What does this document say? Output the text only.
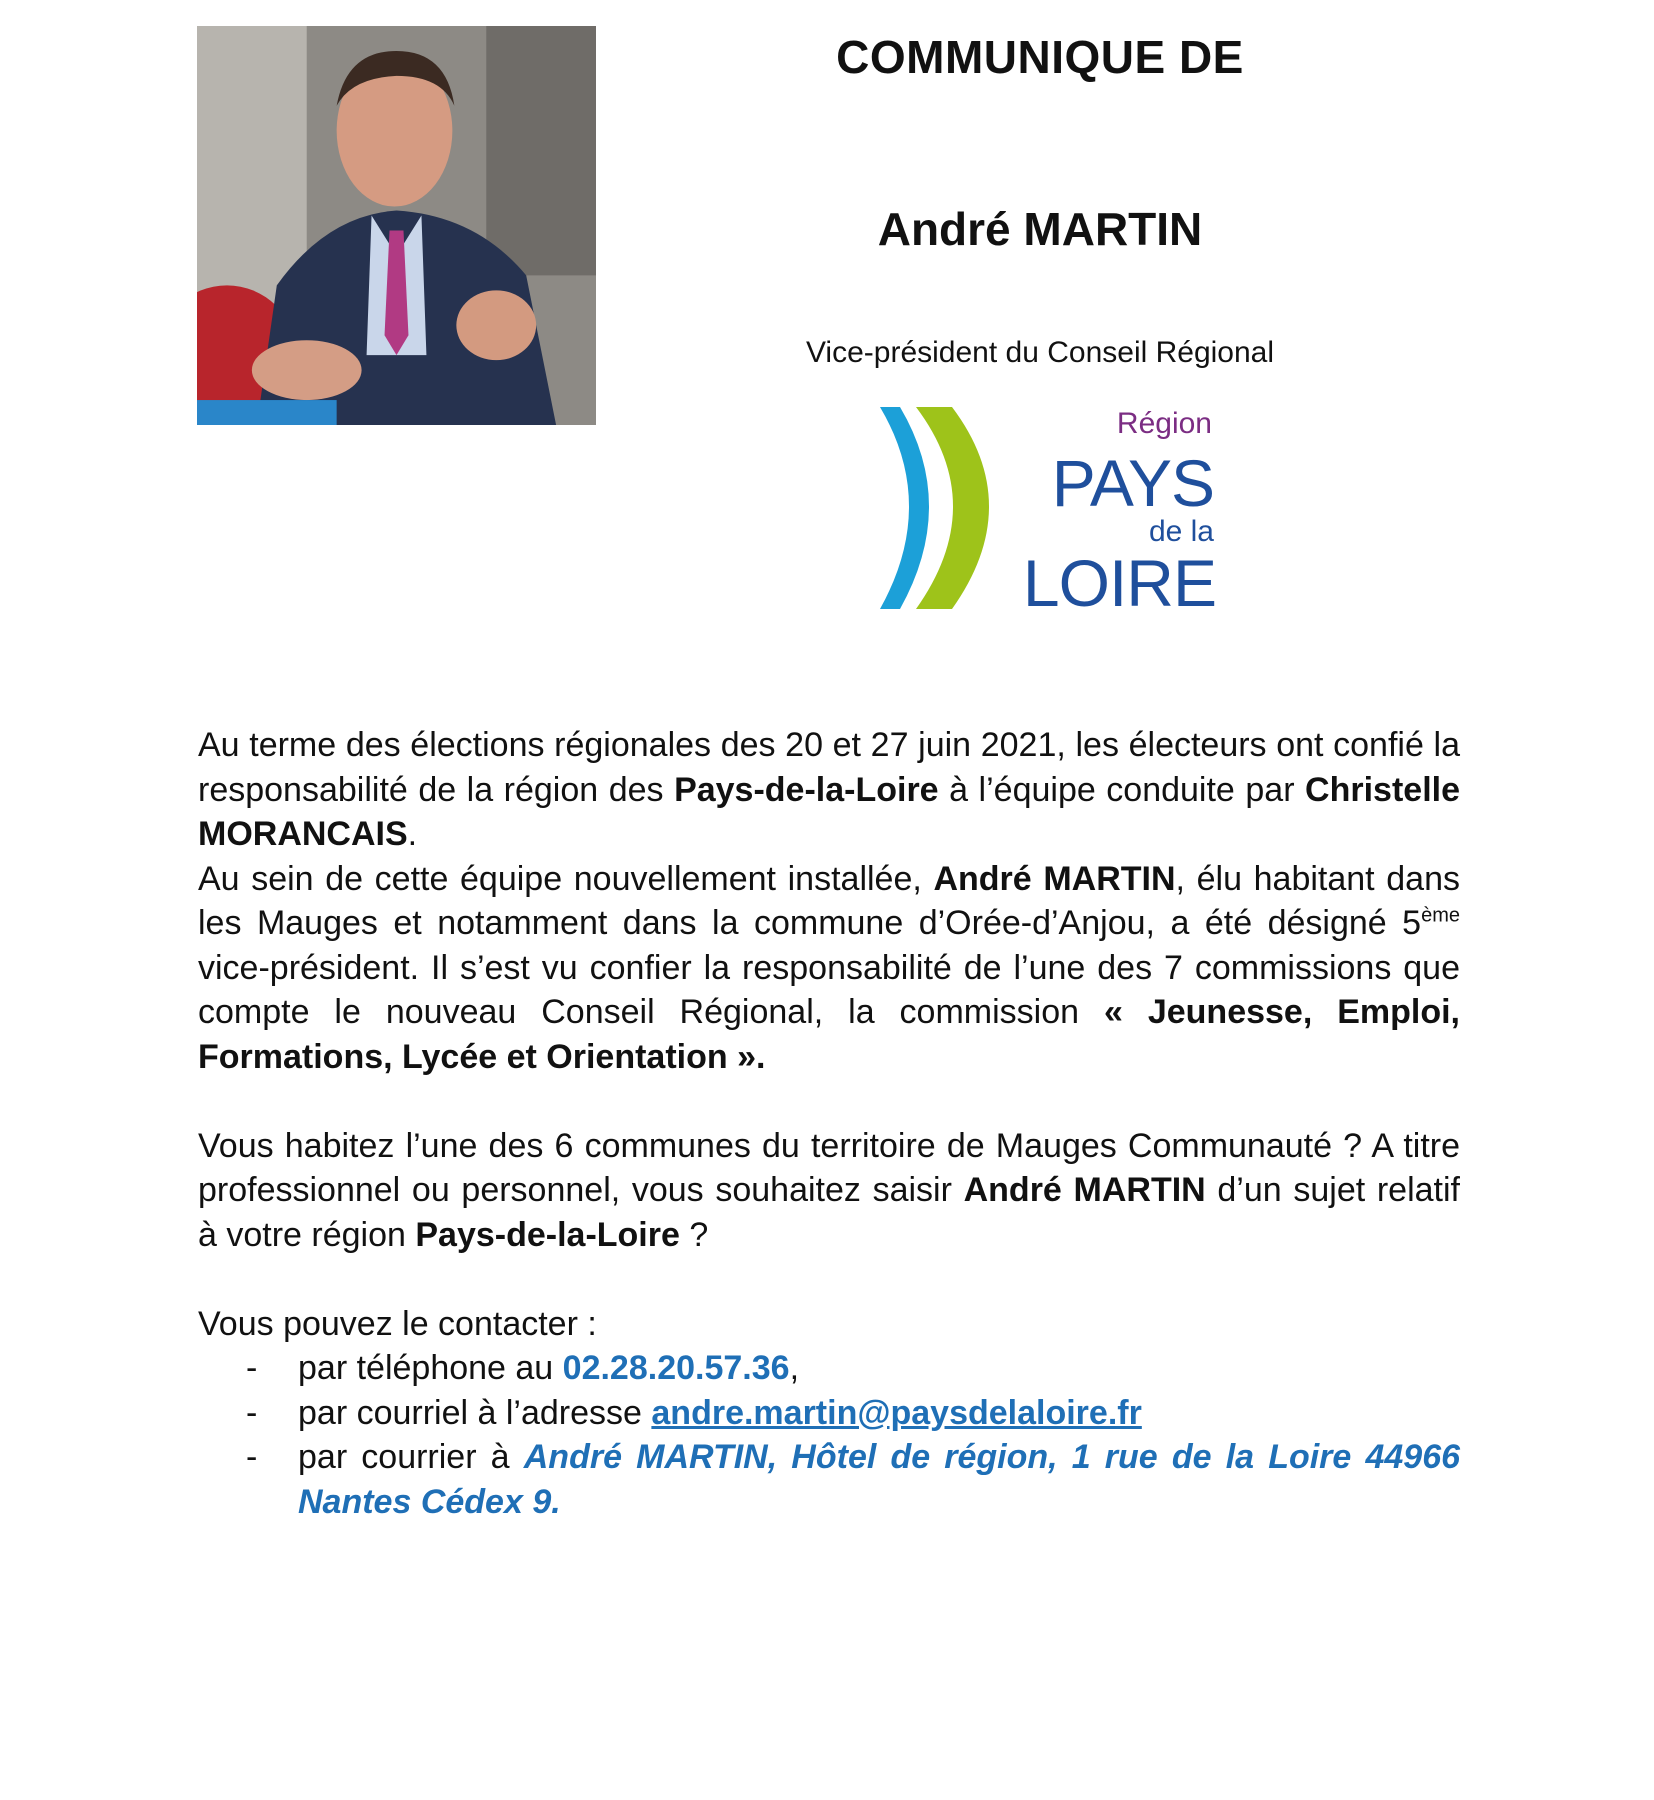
COMMUNIQUE DE
André MARTIN

Vice-président du Conseil Régional

Région
PAYS
de la
LOIRE

Au terme des élections régionales des 20 et 27 juin 2021, les électeurs ont confié la responsabilité de la région des Pays-de-la-Loire à l’équipe conduite par Christelle MORANCAIS.

Au sein de cette équipe nouvellement installée, André MARTIN, élu habitant dans les Mauges et notamment dans la commune d’Orée-d’Anjou, a été désigné 5ème vice-président. Il s’est vu confier la responsabilité de l’une des 7 commissions que compte le nouveau Conseil Régional, la commission « Jeunesse, Emploi, Formations, Lycée et Orientation ».

Vous habitez l’une des 6 communes du territoire de Mauges Communauté ? A titre professionnel ou personnel, vous souhaitez saisir André MARTIN d’un sujet relatif à votre région Pays-de-la-Loire ?

Vous pouvez le contacter :

- par téléphone au 02.28.20.57.36,
- par courriel à l’adresse andre.martin@paysdelaloire.fr
- par courrier à André MARTIN, Hôtel de région, 1 rue de la Loire 44966 Nantes Cédex 9.
